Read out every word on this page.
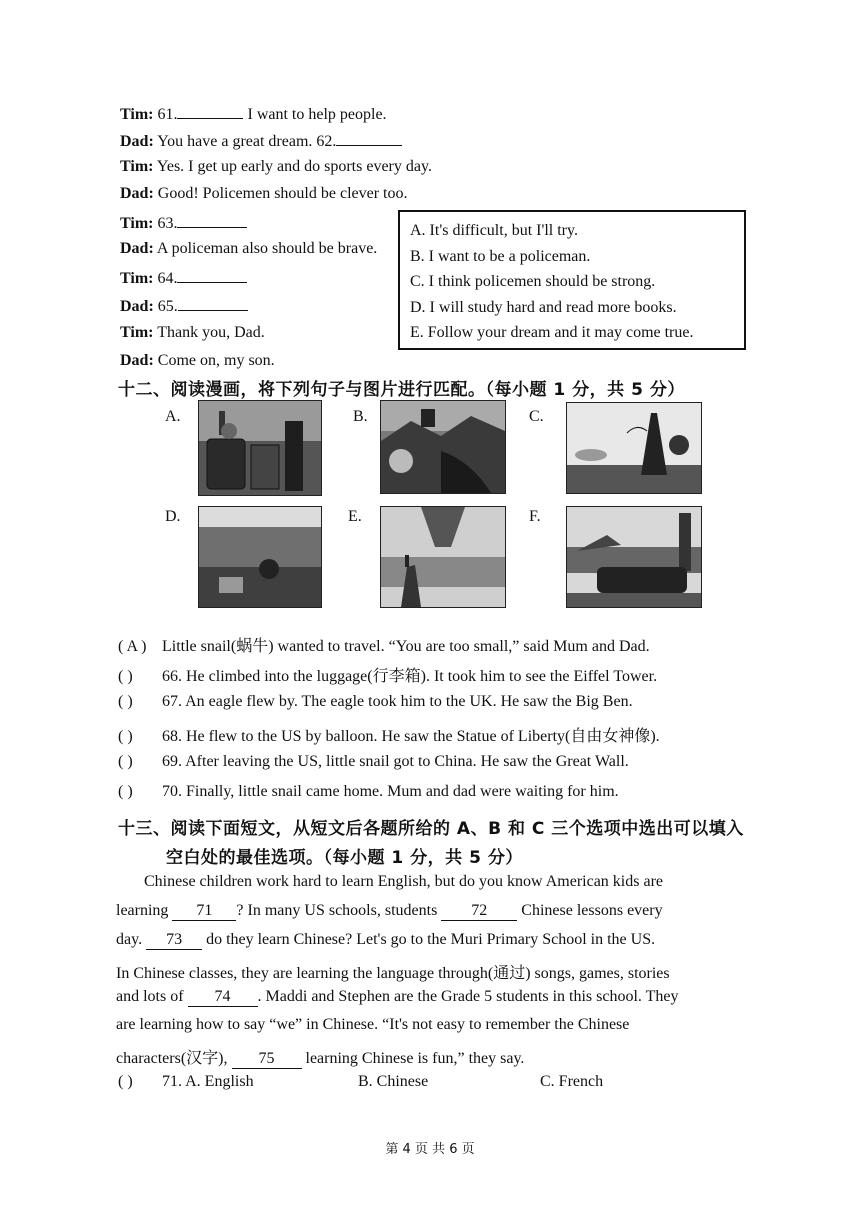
Tim: 61.	I want to help people.
Dad: You have a great dream. 62.
Tim: Yes. I get up early and do sports every day.
Dad: Good! Policemen should be clever too.
Tim: 63.
Dad: A policeman also should be brave.
Tim: 64.
Dad: 65.
Tim: Thank you, Dad.
Dad: Come on, my son.
A. It's difficult, but I'll try.
B. I want to be a policeman.
C. I think policemen should be strong.
D. I will study hard and read more books.
E. Follow your dream and it may come true.
十二、阅读漫画，将下列句子与图片进行匹配。（每小题 1 分，共 5 分）
A.	B.	C.
D.	E.	F.
( A ) Little snail(蜗牛) wanted to travel. “You are too small,” said Mum and Dad.
( ) 66. He climbed into the luggage(行李箱). It took him to see the Eiffel Tower.
( ) 67. An eagle flew by. The eagle took him to the UK. He saw the Big Ben.
( ) 68. He flew to the US by balloon. He saw the Statue of Liberty(自由女神像).
( ) 69. After leaving the US, little snail got to China. He saw the Great Wall.
( ) 70. Finally, little snail came home. Mum and dad were waiting for him.
十三、阅读下面短文，从短文后各题所给的 A、B 和 C 三个选项中选出可以填入
空白处的最佳选项。（每小题 1 分，共 5 分）
Chinese children work hard to learn English, but do you know American kids are
learning 71 ? In many US schools, students 72 Chinese lessons every
day. 73 do they learn Chinese? Let's go to the Muri Primary School in the US.
In Chinese classes, they are learning the language through(通过) songs, games, stories
and lots of 74 . Maddi and Stephen are the Grade 5 students in this school. They
are learning how to say “we” in Chinese. “It's not easy to remember the Chinese
characters(汉字), 75 learning Chinese is fun,” they say.
( ) 71. A. English	B. Chinese	C. French
第 4 页 共 6 页
